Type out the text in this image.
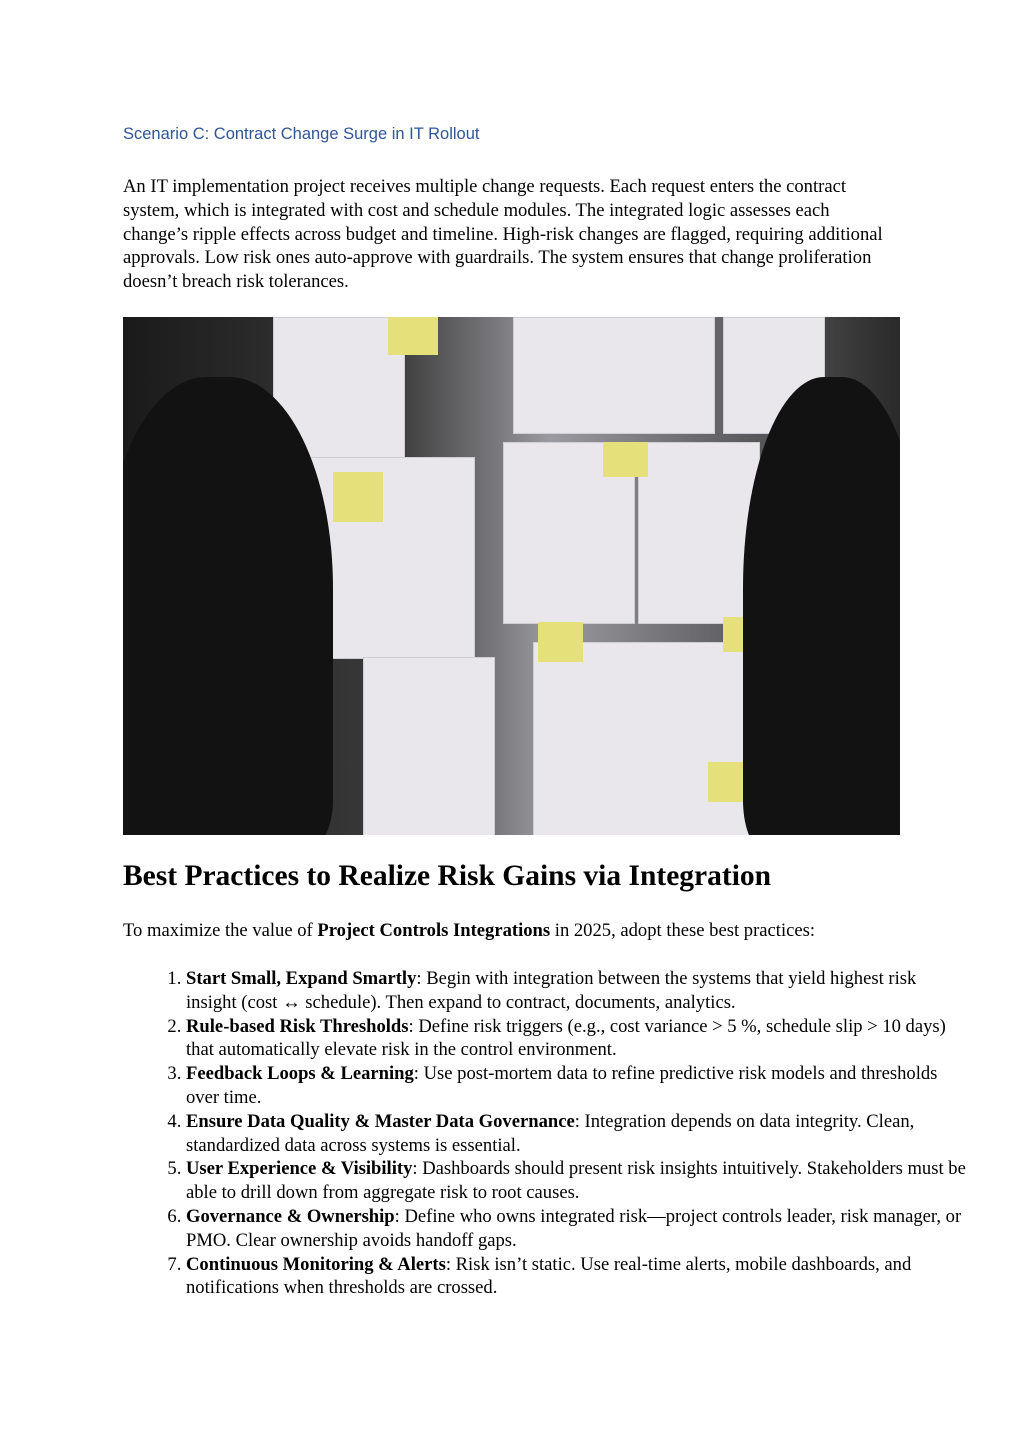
Scenario C: Contract Change Surge in IT Rollout
An IT implementation project receives multiple change requests. Each request enters the contract system, which is integrated with cost and schedule modules. The integrated logic assesses each change’s ripple effects across budget and timeline. High-risk changes are flagged, requiring additional approvals. Low risk ones auto-approve with guardrails. The system ensures that change proliferation doesn’t breach risk tolerances.
Best Practices to Realize Risk Gains via Integration
To maximize the value of Project Controls Integrations in 2025, adopt these best practices:
1. Start Small, Expand Smartly: Begin with integration between the systems that yield highest risk insight (cost ↔ schedule). Then expand to contract, documents, analytics.
2. Rule-based Risk Thresholds: Define risk triggers (e.g., cost variance > 5 %, schedule slip > 10 days) that automatically elevate risk in the control environment.
3. Feedback Loops & Learning: Use post-mortem data to refine predictive risk models and thresholds over time.
4. Ensure Data Quality & Master Data Governance: Integration depends on data integrity. Clean, standardized data across systems is essential.
5. User Experience & Visibility: Dashboards should present risk insights intuitively. Stakeholders must be able to drill down from aggregate risk to root causes.
6. Governance & Ownership: Define who owns integrated risk—project controls leader, risk manager, or PMO. Clear ownership avoids handoff gaps.
7. Continuous Monitoring & Alerts: Risk isn’t static. Use real-time alerts, mobile dashboards, and notifications when thresholds are crossed.
